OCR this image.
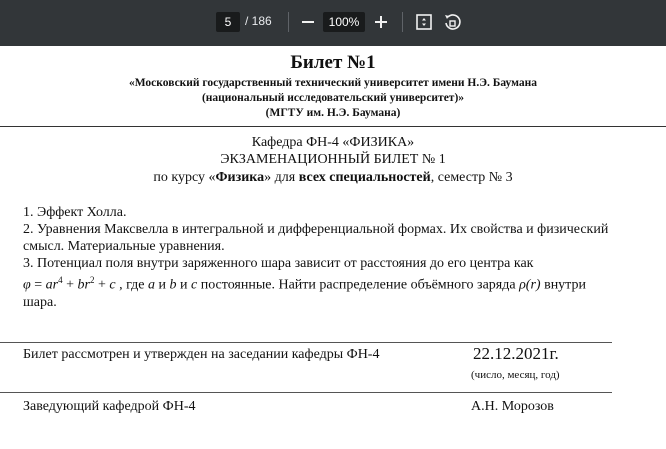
5	/ 186	100%
Билет №1
«Московский государственный технический университет имени Н.Э. Баумана
(национальный исследовательский университет)»
(МГТУ им. Н.Э. Баумана)
Кафедра ФН-4 «ФИЗИКА»
ЭКЗАМЕНАЦИОННЫЙ БИЛЕТ № 1
по курсу «Физика» для всех специальностей, семестр № 3
1. Эффект Холла.
2. Уравнения Максвелла в интегральной и дифференциальной формах. Их свойства и физический
смысл. Материальные уравнения.
3. Потенциал поля внутри заряженного шара зависит от расстояния до его центра как
$\varphi = ar^4 + br^2 + c$ , где a и b и c постоянные. Найти распределение объёмного заряда ρ(r) внутри
шара.
Билет рассмотрен и утвержден на заседании кафедры ФН-4	22.12.2021г.
(число, месяц, год)
Заведующий кафедрой ФН-4	А.Н. Морозов
